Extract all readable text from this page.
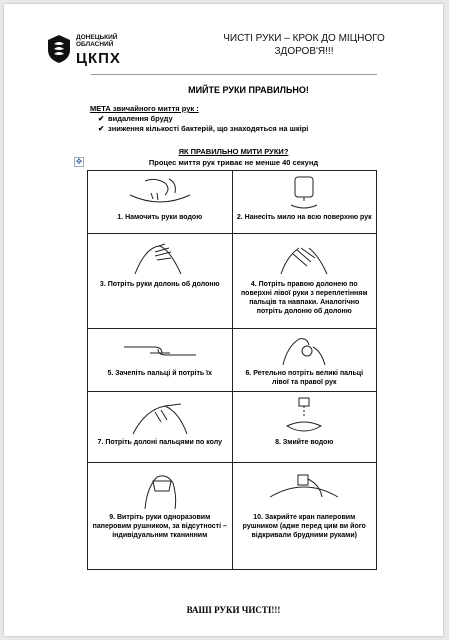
ДОНЕЦЬКИЙ
ОБЛАСНИЙ
ЦКПХ
ЧИСТІ РУКИ – КРОК ДО МІЦНОГО ЗДОРОВ'Я!!!
МИЙТЕ РУКИ ПРАВИЛЬНО!
МЕТА звичайного миття рук :
✔ видалення бруду
✔ зниження кількості бактерій, що знаходяться на шкірі
ЯК ПРАВИЛЬНО МИТИ РУКИ?
✥	Процес миття рук триває не менше 40 секунд
1. Намочить руки водою	2. Нанесіть мило на всю поверхню рук

3. Потріть руки долонь об долоню	4. Потріть правою долонею по поверхні лівої руки з переплетінням пальців та навпаки. Аналогічно потріть долоню об долоню

5. Зачепіть пальці й потріть їх	6. Ретельно потріть великі пальці лівої та правої рук

7. Потріть долоні пальцями по колу	8. Змийте водою

9. Витріть руки одноразовим паперовим рушником, за відсутності – індивідуальним тканинним	10. Закрийте кран паперовим рушником (адже перед цим ви його відкривали брудними руками)
ВАШІ РУКИ ЧИСТІ!!!
